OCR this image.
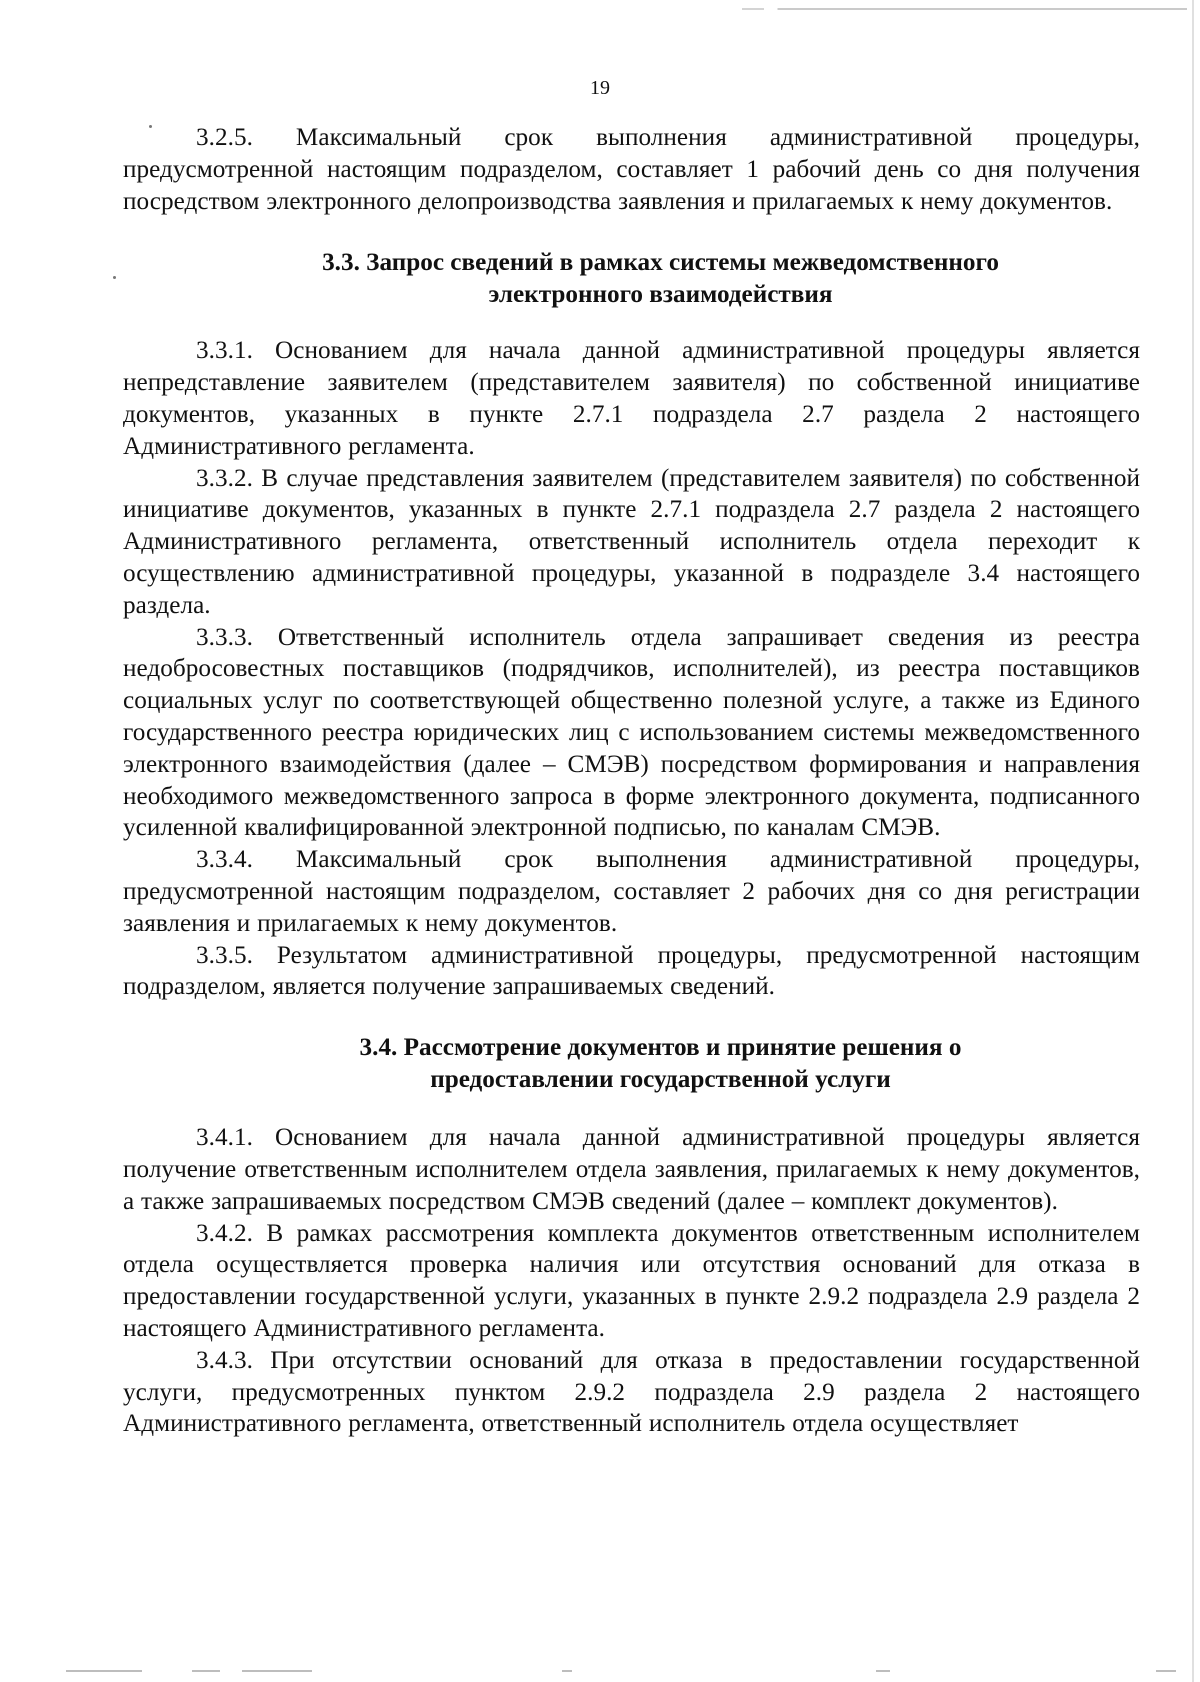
19

3.2.5. Максимальный срок выполнения административной процедуры, предусмотренной настоящим подразделом, составляет 1 рабочий день со дня получения посредством электронного делопроизводства заявления и прилагаемых к нему документов.

3.3. Запрос сведений в рамках системы межведомственного

электронного взаимодействия

3.3.1. Основанием для начала данной административной процедуры является непредставление заявителем (представителем заявителя) по собственной инициативе документов, указанных в пункте 2.7.1 подраздела 2.7 раздела 2 настоящего Административного регламента.

3.3.2. В случае представления заявителем (представителем заявителя) по собственной инициативе документов, указанных в пункте 2.7.1 подраздела 2.7 раздела 2 настоящего Административного регламента, ответственный исполнитель отдела переходит к осуществлению административной процедуры, указанной в подразделе 3.4 настоящего раздела.

3.3.3. Ответственный исполнитель отдела запрашивает сведения из реестра недобросовестных поставщиков (подрядчиков, исполнителей), из реестра поставщиков социальных услуг по соответствующей общественно полезной услуге, а также из Единого государственного реестра юридических лиц с использованием системы межведомственного электронного взаимодействия (далее – СМЭВ) посредством формирования и направления необходимого межведомственного запроса в форме электронного документа, подписанного усиленной квалифицированной электронной подписью, по каналам СМЭВ.

3.3.4. Максимальный срок выполнения административной процедуры, предусмотренной настоящим подразделом, составляет 2 рабочих дня со дня регистрации заявления и прилагаемых к нему документов.

3.3.5. Результатом административной процедуры, предусмотренной настоящим подразделом, является получение запрашиваемых сведений.

3.4. Рассмотрение документов и принятие решения о

предоставлении государственной услуги

3.4.1. Основанием для начала данной административной процедуры является получение ответственным исполнителем отдела заявления, прилагаемых к нему документов, а также запрашиваемых посредством СМЭВ сведений (далее – комплект документов).

3.4.2. В рамках рассмотрения комплекта документов ответственным исполнителем отдела осуществляется проверка наличия или отсутствия оснований для отказа в предоставлении государственной услуги, указанных в пункте 2.9.2 подраздела 2.9 раздела 2 настоящего Административного регламента.

3.4.3. При отсутствии оснований для отказа в предоставлении государственной услуги, предусмотренных пунктом 2.9.2 подраздела 2.9 раздела 2 настоящего Административного регламента, ответственный исполнитель отдела осуществляет
